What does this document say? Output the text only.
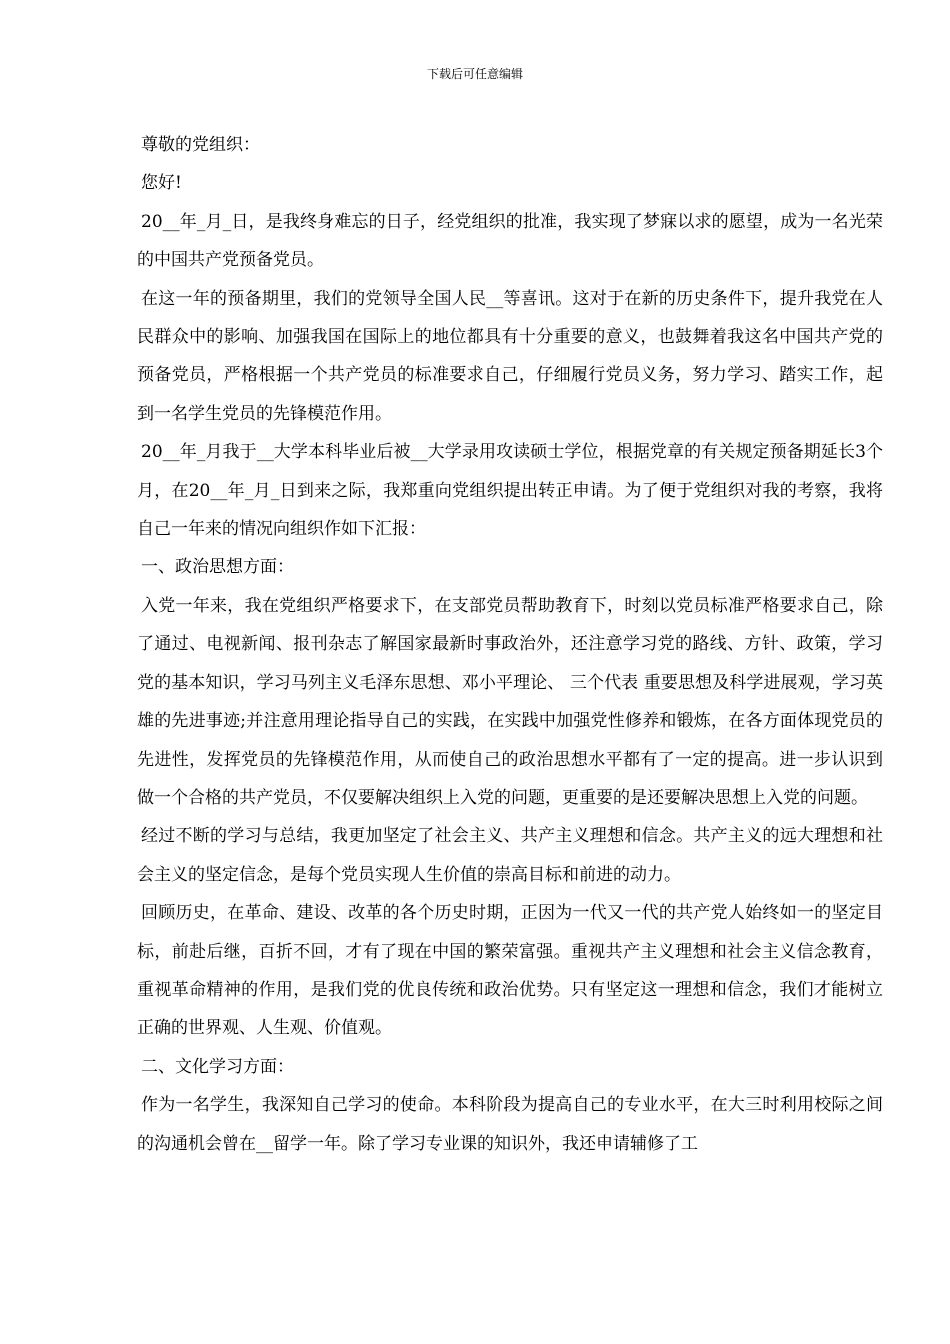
下载后可任意编辑

尊敬的党组织：

您好!

20__年_月_日，是我终身难忘的日子，经党组织的批准，我实现了梦寐以求的愿望，成为一名光荣的中国共产党预备党员。

在这一年的预备期里，我们的党领导全国人民__等喜讯。这对于在新的历史条件下，提升我党在人民群众中的影响、加强我国在国际上的地位都具有十分重要的意义，也鼓舞着我这名中国共产党的预备党员，严格根据一个共产党员的标准要求自己，仔细履行党员义务，努力学习、踏实工作，起到一名学生党员的先锋模范作用。

20__年_月我于__大学本科毕业后被__大学录用攻读硕士学位，根据党章的有关规定预备期延长3个月，在20__年_月_日到来之际，我郑重向党组织提出转正申请。为了便于党组织对我的考察，我将自己一年来的情况向组织作如下汇报：

一、政治思想方面：

入党一年来，我在党组织严格要求下，在支部党员帮助教育下，时刻以党员标准严格要求自己，除了通过、电视新闻、报刊杂志了解国家最新时事政治外，还注意学习党的路线、方针、政策，学习党的基本知识，学习马列主义毛泽东思想、邓小平理论、 三个代表 重要思想及科学进展观，学习英雄的先进事迹;并注意用理论指导自己的实践，在实践中加强党性修养和锻炼，在各方面体现党员的先进性，发挥党员的先锋模范作用，从而使自己的政治思想水平都有了一定的提高。进一步认识到做一个合格的共产党员，不仅要解决组织上入党的问题，更重要的是还要解决思想上入党的问题。

经过不断的学习与总结，我更加坚定了社会主义、共产主义理想和信念。共产主义的远大理想和社会主义的坚定信念，是每个党员实现人生价值的崇高目标和前进的动力。

回顾历史，在革命、建设、改革的各个历史时期，正因为一代又一代的共产党人始终如一的坚定目标，前赴后继，百折不回，才有了现在中国的繁荣富强。重视共产主义理想和社会主义信念教育，重视革命精神的作用，是我们党的优良传统和政治优势。只有坚定这一理想和信念，我们才能树立正确的世界观、人生观、价值观。

二、文化学习方面：

作为一名学生，我深知自己学习的使命。本科阶段为提高自己的专业水平，在大三时利用校际之间的沟通机会曾在__留学一年。除了学习专业课的知识外，我还申请辅修了工
